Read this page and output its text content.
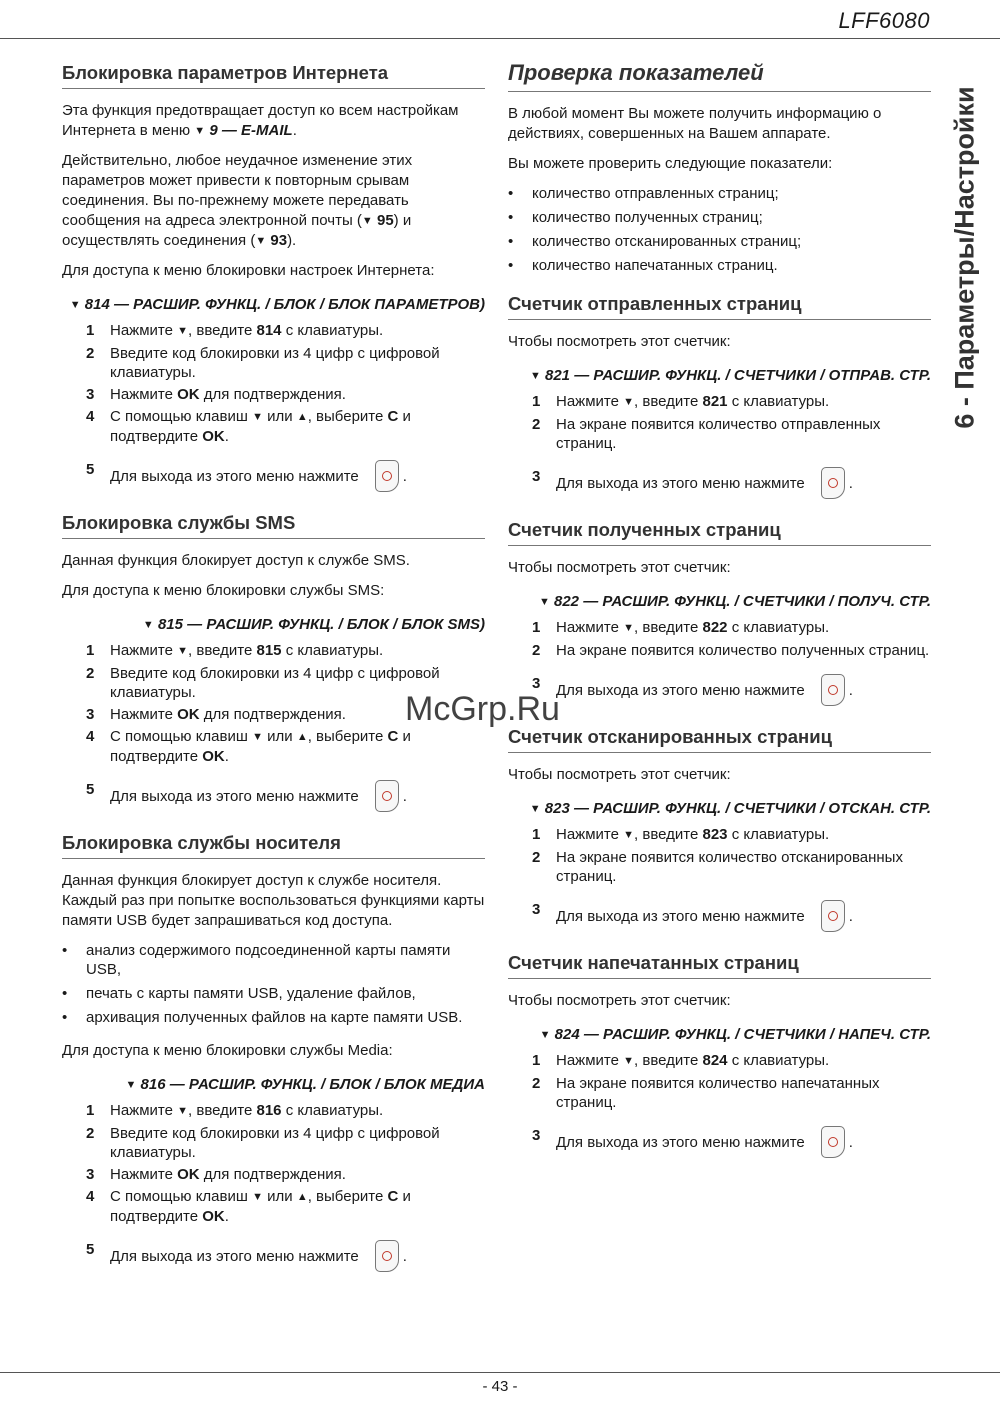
LFF6080
6 - Параметры/Настройки
Блокировка параметров Интернета

Эта функция предотвращает доступ ко всем настройкам Интернета в меню ▼ 9 — E-MAIL.

Действительно, любое неудачное изменение этих параметров может привести к повторным срывам соединения. Вы по-прежнему можете передавать сообщения на адреса электронной почты (▼ 95) и осуществлять соединения (▼ 93).

Для доступа к меню блокировки настроек Интернета:

▼ 814 — РАСШИР. ФУНКЦ. / БЛОК / БЛОК ПАРАМЕТРОВ)
1 Нажмите ▼, введите 814 с клавиатуры.
2 Введите код блокировки из 4 цифр с цифровой клавиатуры.
3 Нажмите OK для подтверждения.
4 С помощью клавиш ▼ или ▲, выберите C и подтвердите OK.
5 Для выхода из этого меню нажмите	.
Блокировка службы SMS

Данная функция блокирует доступ к службе SMS.

Для доступа к меню блокировки службы SMS:

▼ 815 — РАСШИР. ФУНКЦ. / БЛОК / БЛОК SMS)
1 Нажмите ▼, введите 815 с клавиатуры.
2 Введите код блокировки из 4 цифр с цифровой клавиатуры.
3 Нажмите OK для подтверждения.
4 С помощью клавиш ▼ или ▲, выберите C и подтвердите OK.
5 Для выхода из этого меню нажмите	.
Блокировка службы носителя

Данная функция блокирует доступ к службе носителя. Каждый раз при попытке воспользоваться функциями карты памяти USB будет запрашиваться код доступа.

• анализ содержимого подсоединенной карты памяти USB,
• печать с карты памяти USB, удаление файлов,
• архивация полученных файлов на карте памяти USB.

Для доступа к меню блокировки службы Media:

▼ 816 — РАСШИР. ФУНКЦ. / БЛОК / БЛОК МЕДИА
1 Нажмите ▼, введите 816 с клавиатуры.
2 Введите код блокировки из 4 цифр с цифровой клавиатуры.
3 Нажмите OK для подтверждения.
4 С помощью клавиш ▼ или ▲, выберите C и подтвердите OK.
5 Для выхода из этого меню нажмите	.
Проверка показателей

В любой момент Вы можете получить информацию о действиях, совершенных на Вашем аппарате.

Вы можете проверить следующие показатели:

• количество отправленных страниц;
• количество полученных страниц;
• количество отсканированных страниц;
• количество напечатанных страниц.
Счетчик отправленных страниц

Чтобы посмотреть этот счетчик:

▼ 821 — РАСШИР. ФУНКЦ. / СЧЕТЧИКИ / ОТПРАВ. СТР.
1 Нажмите ▼, введите 821 с клавиатуры.
2 На экране появится количество отправленных страниц.
3 Для выхода из этого меню нажмите	.
Счетчик полученных страниц

Чтобы посмотреть этот счетчик:

▼ 822 — РАСШИР. ФУНКЦ. / СЧЕТЧИКИ / ПОЛУЧ. СТР.
1 Нажмите ▼, введите 822 с клавиатуры.
2 На экране появится количество полученных страниц.
3 Для выхода из этого меню нажмите	.
Счетчик отсканированных страниц

Чтобы посмотреть этот счетчик:

▼ 823 — РАСШИР. ФУНКЦ. / СЧЕТЧИКИ / ОТСКАН. СТР.
1 Нажмите ▼, введите 823 с клавиатуры.
2 На экране появится количество отсканированных страниц.
3 Для выхода из этого меню нажмите	.
Счетчик напечатанных страниц

Чтобы посмотреть этот счетчик:

▼ 824 — РАСШИР. ФУНКЦ. / СЧЕТЧИКИ / НАПЕЧ. СТР.
1 Нажмите ▼, введите 824 с клавиатуры.
2 На экране появится количество напечатанных страниц.
3 Для выхода из этого меню нажмите	.
McGrp.Ru
- 43 -
